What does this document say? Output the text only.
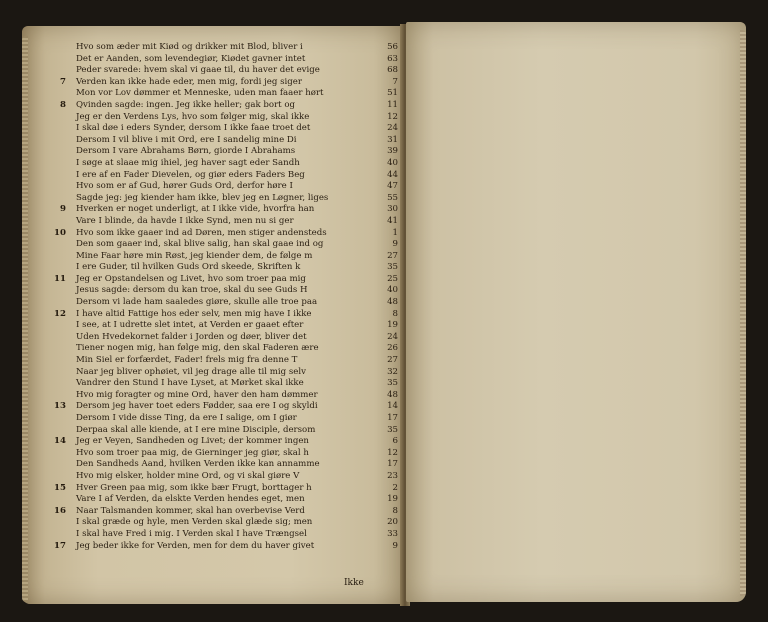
Hvo som æder mit Kiød og drikker mit Blod, bliver i	56
Det er Aanden, som levendegiør, Kiødet gavner intet	63
Peder svarede: hvem skal vi gaae til, du haver det evige	68
7 Verden kan ikke hade eder, men mig, fordi jeg siger	7
Mon vor Lov dømmer et Menneske, uden man faaer hørt	51
8 Qvinden sagde: ingen. Jeg ikke heller; gak bort og	11
Jeg er den Verdens Lys, hvo som følger mig, skal ikke	12
I skal døe i eders Synder, dersom I ikke faae troet det	24
Dersom I vil blive i mit Ord, ere I sandelig mine Di	31
Dersom I vare Abrahams Børn, giorde I Abrahams	39
I søge at slaae mig ihiel, jeg haver sagt eder Sandh	40
I ere af en Fader Dievelen, og giør eders Faders Beg	44
Hvo som er af Gud, hører Guds Ord, derfor høre I	47
Sagde jeg: jeg kiender ham ikke, blev jeg en Løgner, liges	55
9 Hverken er noget underligt, at I ikke vide, hvorfra han	30
Vare I blinde, da havde I ikke Synd, men nu si ger	41
10 Hvo som ikke gaaer ind ad Døren, men stiger andensteds	1
Den som gaaer ind, skal blive salig, han skal gaae ind og	9
Mine Faar høre min Røst, jeg kiender dem, de følge m	27
I ere Guder, til hvilken Guds Ord skeede, Skriften k	35
11 Jeg er Opstandelsen og Livet, hvo som troer paa mig	25
Jesus sagde: dersom du kan troe, skal du see Guds H	40
Dersom vi lade ham saaledes giøre, skulle alle troe paa	48
12 I have altid Fattige hos eder selv, men mig have I ikke	8
I see, at I udrette slet intet, at Verden er gaaet efter	19
Uden Hvedekornet falder i Jorden og døer, bliver det	24
Tiener nogen mig, han følge mig, den skal Faderen ære	26
Min Siel er forfærdet, Fader! frels mig fra denne T	27
Naar jeg bliver ophøiet, vil jeg drage alle til mig selv	32
Vandrer den Stund I have Lyset, at Mørket skal ikke	35
Hvo mig foragter og mine Ord, haver den ham dømmer	48
13 Dersom jeg haver toet eders Fødder, saa ere I og skyldi	14
Dersom I vide disse Ting, da ere I salige, om I giør	17
Derpaa skal alle kiende, at I ere mine Disciple, dersom	35
14 Jeg er Veyen, Sandheden og Livet; der kommer ingen	6
Hvo som troer paa mig, de Gierninger jeg giør, skal h	12
Den Sandheds Aand, hvilken Verden ikke kan annamme	17
Hvo mig elsker, holder mine Ord, og vi skal giøre V	23
15 Hver Green paa mig, som ikke bær Frugt, borttager h	2
Vare I af Verden, da elskte Verden hendes eget, men	19
16 Naar Talsmanden kommer, skal han overbevise Verd	8
I skal græde og hyle, men Verden skal glæde sig; men	20
I skal have Fred i mig. I Verden skal I have Trængsel	33
17 Jeg beder ikke for Verden, men for dem du haver givet	9
Ikke
